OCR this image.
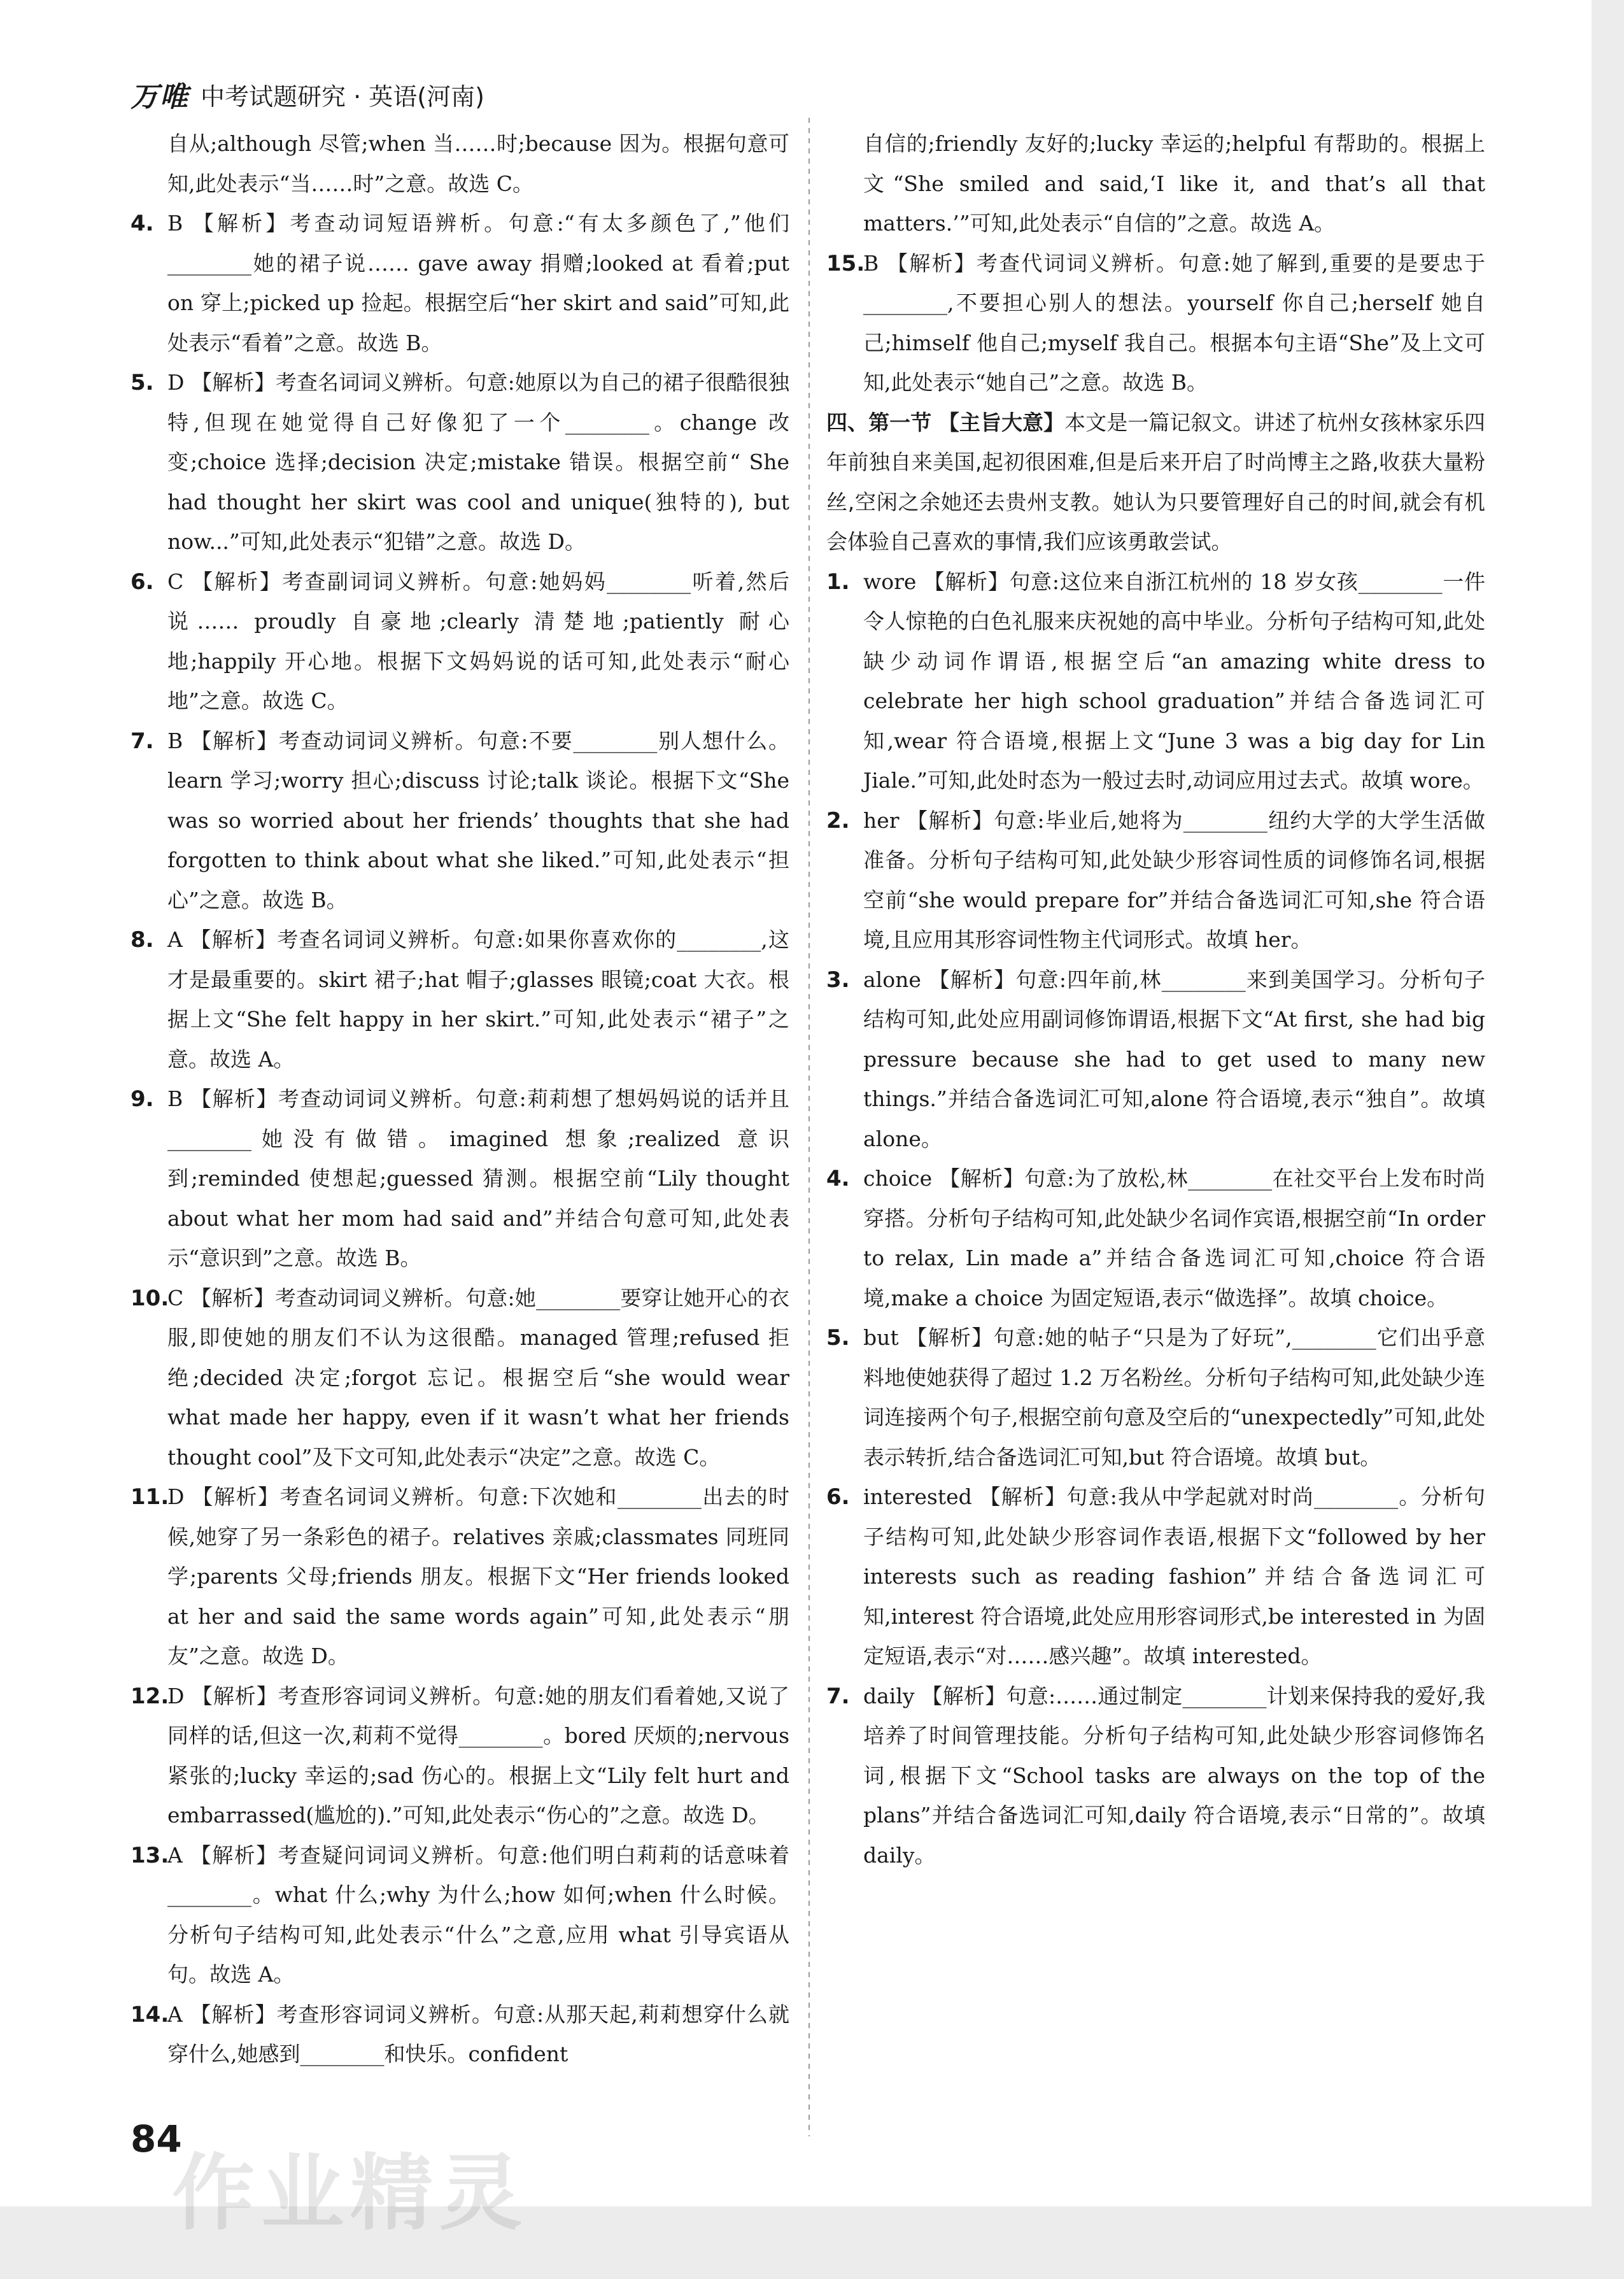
万唯 中考试题研究 · 英语(河南)

自从;although 尽管;when 当……时;because 因为。根据句意可知,此处表示“当……时”之意。故选 C。

4. B 【解析】考查动词短语辨析。句意:“有太多颜色了,”他们________她的裙子说…… gave away 捐赠;looked at 看着;put on 穿上;picked up 捡起。根据空后“her skirt and said”可知,此处表示“看着”之意。故选 B。
5. D 【解析】考查名词词义辨析。句意:她原以为自己的裙子很酷很独特,但现在她觉得自己好像犯了一个________。change 改变;choice 选择;decision 决定;mistake 错误。根据空前“ She had thought her skirt was cool and unique(独特的), but now...”可知,此处表示“犯错”之意。故选 D。
6. C 【解析】考查副词词义辨析。句意:她妈妈________听着,然后说…… proudly 自豪地;clearly 清楚地;patiently 耐心地;happily 开心地。根据下文妈妈说的话可知,此处表示“耐心地”之意。故选 C。
7. B 【解析】考查动词词义辨析。句意:不要________别人想什么。learn 学习;worry 担心;discuss 讨论;talk 谈论。根据下文“She was so worried about her friends’ thoughts that she had forgotten to think about what she liked.”可知,此处表示“担心”之意。故选 B。
8. A 【解析】考查名词词义辨析。句意:如果你喜欢你的________,这才是最重要的。skirt 裙子;hat 帽子;glasses 眼镜;coat 大衣。根据上文“She felt happy in her skirt.”可知,此处表示“裙子”之意。故选 A。
9. B 【解析】考查动词词义辨析。句意:莉莉想了想妈妈说的话并且________她没有做错。imagined 想象;realized 意识到;reminded 使想起;guessed 猜测。根据空前“Lily thought about what her mom had said and”并结合句意可知,此处表示“意识到”之意。故选 B。
10.
C 【解析】考查动词词义辨析。句意:她________要穿让她开心的衣服,即使她的朋友们不认为这很酷。managed 管理;refused 拒绝;decided 决定;forgot 忘记。根据空后“she would wear what made her happy, even if it wasn’t what her friends thought cool”及下文可知,此处表示“决定”之意。故选 C。
11.
D 【解析】考查名词词义辨析。句意:下次她和________出去的时候,她穿了另一条彩色的裙子。relatives 亲戚;classmates 同班同学;parents 父母;friends 朋友。根据下文“Her friends looked at her and said the same words again”可知,此处表示“朋友”之意。故选 D。
12.
D 【解析】考查形容词词义辨析。句意:她的朋友们看着她,又说了同样的话,但这一次,莉莉不觉得________。bored 厌烦的;nervous 紧张的;lucky 幸运的;sad 伤心的。根据上文“Lily felt hurt and embarrassed(尴尬的).”可知,此处表示“伤心的”之意。故选 D。
13.
A 【解析】考查疑问词词义辨析。句意:他们明白莉莉的话意味着________。what 什么;why 为什么;how 如何;when 什么时候。分析句子结构可知,此处表示“什么”之意,应用 what 引导宾语从句。故选 A。
14.
A 【解析】考查形容词词义辨析。句意:从那天起,莉莉想穿什么就穿什么,她感到________和快乐。confident

自信的;friendly 友好的;lucky 幸运的;helpful 有帮助的。根据上文“She smiled and said,‘I like it, and that’s all that matters.’”可知,此处表示“自信的”之意。故选 A。

15.
B 【解析】考查代词词义辨析。句意:她了解到,重要的是要忠于________,不要担心别人的想法。yourself 你自己;herself 她自己;himself 他自己;myself 我自己。根据本句主语“She”及上文可知,此处表示“她自己”之意。故选 B。

四、第一节 【主旨大意】本文是一篇记叙文。讲述了杭州女孩林家乐四年前独自来美国,起初很困难,但是后来开启了时尚博主之路,收获大量粉丝,空闲之余她还去贵州支教。她认为只要管理好自己的时间,就会有机会体验自己喜欢的事情,我们应该勇敢尝试。

1. wore 【解析】句意:这位来自浙江杭州的 18 岁女孩________一件令人惊艳的白色礼服来庆祝她的高中毕业。分析句子结构可知,此处缺少动词作谓语,根据空后“an amazing white dress to celebrate her high school graduation”并结合备选词汇可知,wear 符合语境,根据上文“June 3 was a big day for Lin Jiale.”可知,此处时态为一般过去时,动词应用过去式。故填 wore。
2. her 【解析】句意:毕业后,她将为________纽约大学的大学生活做准备。分析句子结构可知,此处缺少形容词性质的词修饰名词,根据空前“she would prepare for”并结合备选词汇可知,she 符合语境,且应用其形容词性物主代词形式。故填 her。
3. alone 【解析】句意:四年前,林________来到美国学习。分析句子结构可知,此处应用副词修饰谓语,根据下文“At first, she had big pressure because she had to get used to many new things.”并结合备选词汇可知,alone 符合语境,表示“独自”。故填 alone。
4. choice 【解析】句意:为了放松,林________在社交平台上发布时尚穿搭。分析句子结构可知,此处缺少名词作宾语,根据空前“In order to relax, Lin made a”并结合备选词汇可知,choice 符合语境,make a choice 为固定短语,表示“做选择”。故填 choice。
5. but 【解析】句意:她的帖子“只是为了好玩”,________它们出乎意料地使她获得了超过 1.2 万名粉丝。分析句子结构可知,此处缺少连词连接两个句子,根据空前句意及空后的“unexpectedly”可知,此处表示转折,结合备选词汇可知,but 符合语境。故填 but。
6. interested 【解析】句意:我从中学起就对时尚________。分析句子结构可知,此处缺少形容词作表语,根据下文“followed by her interests such as reading fashion”并结合备选词汇可知,interest 符合语境,此处应用形容词形式,be interested in 为固定短语,表示“对……感兴趣”。故填 interested。
7. daily 【解析】句意:……通过制定________计划来保持我的爱好,我培养了时间管理技能。分析句子结构可知,此处缺少形容词修饰名词,根据下文“School tasks are always on the top of the plans”并结合备选词汇可知,daily 符合语境,表示“日常的”。故填 daily。
作业精灵
84
